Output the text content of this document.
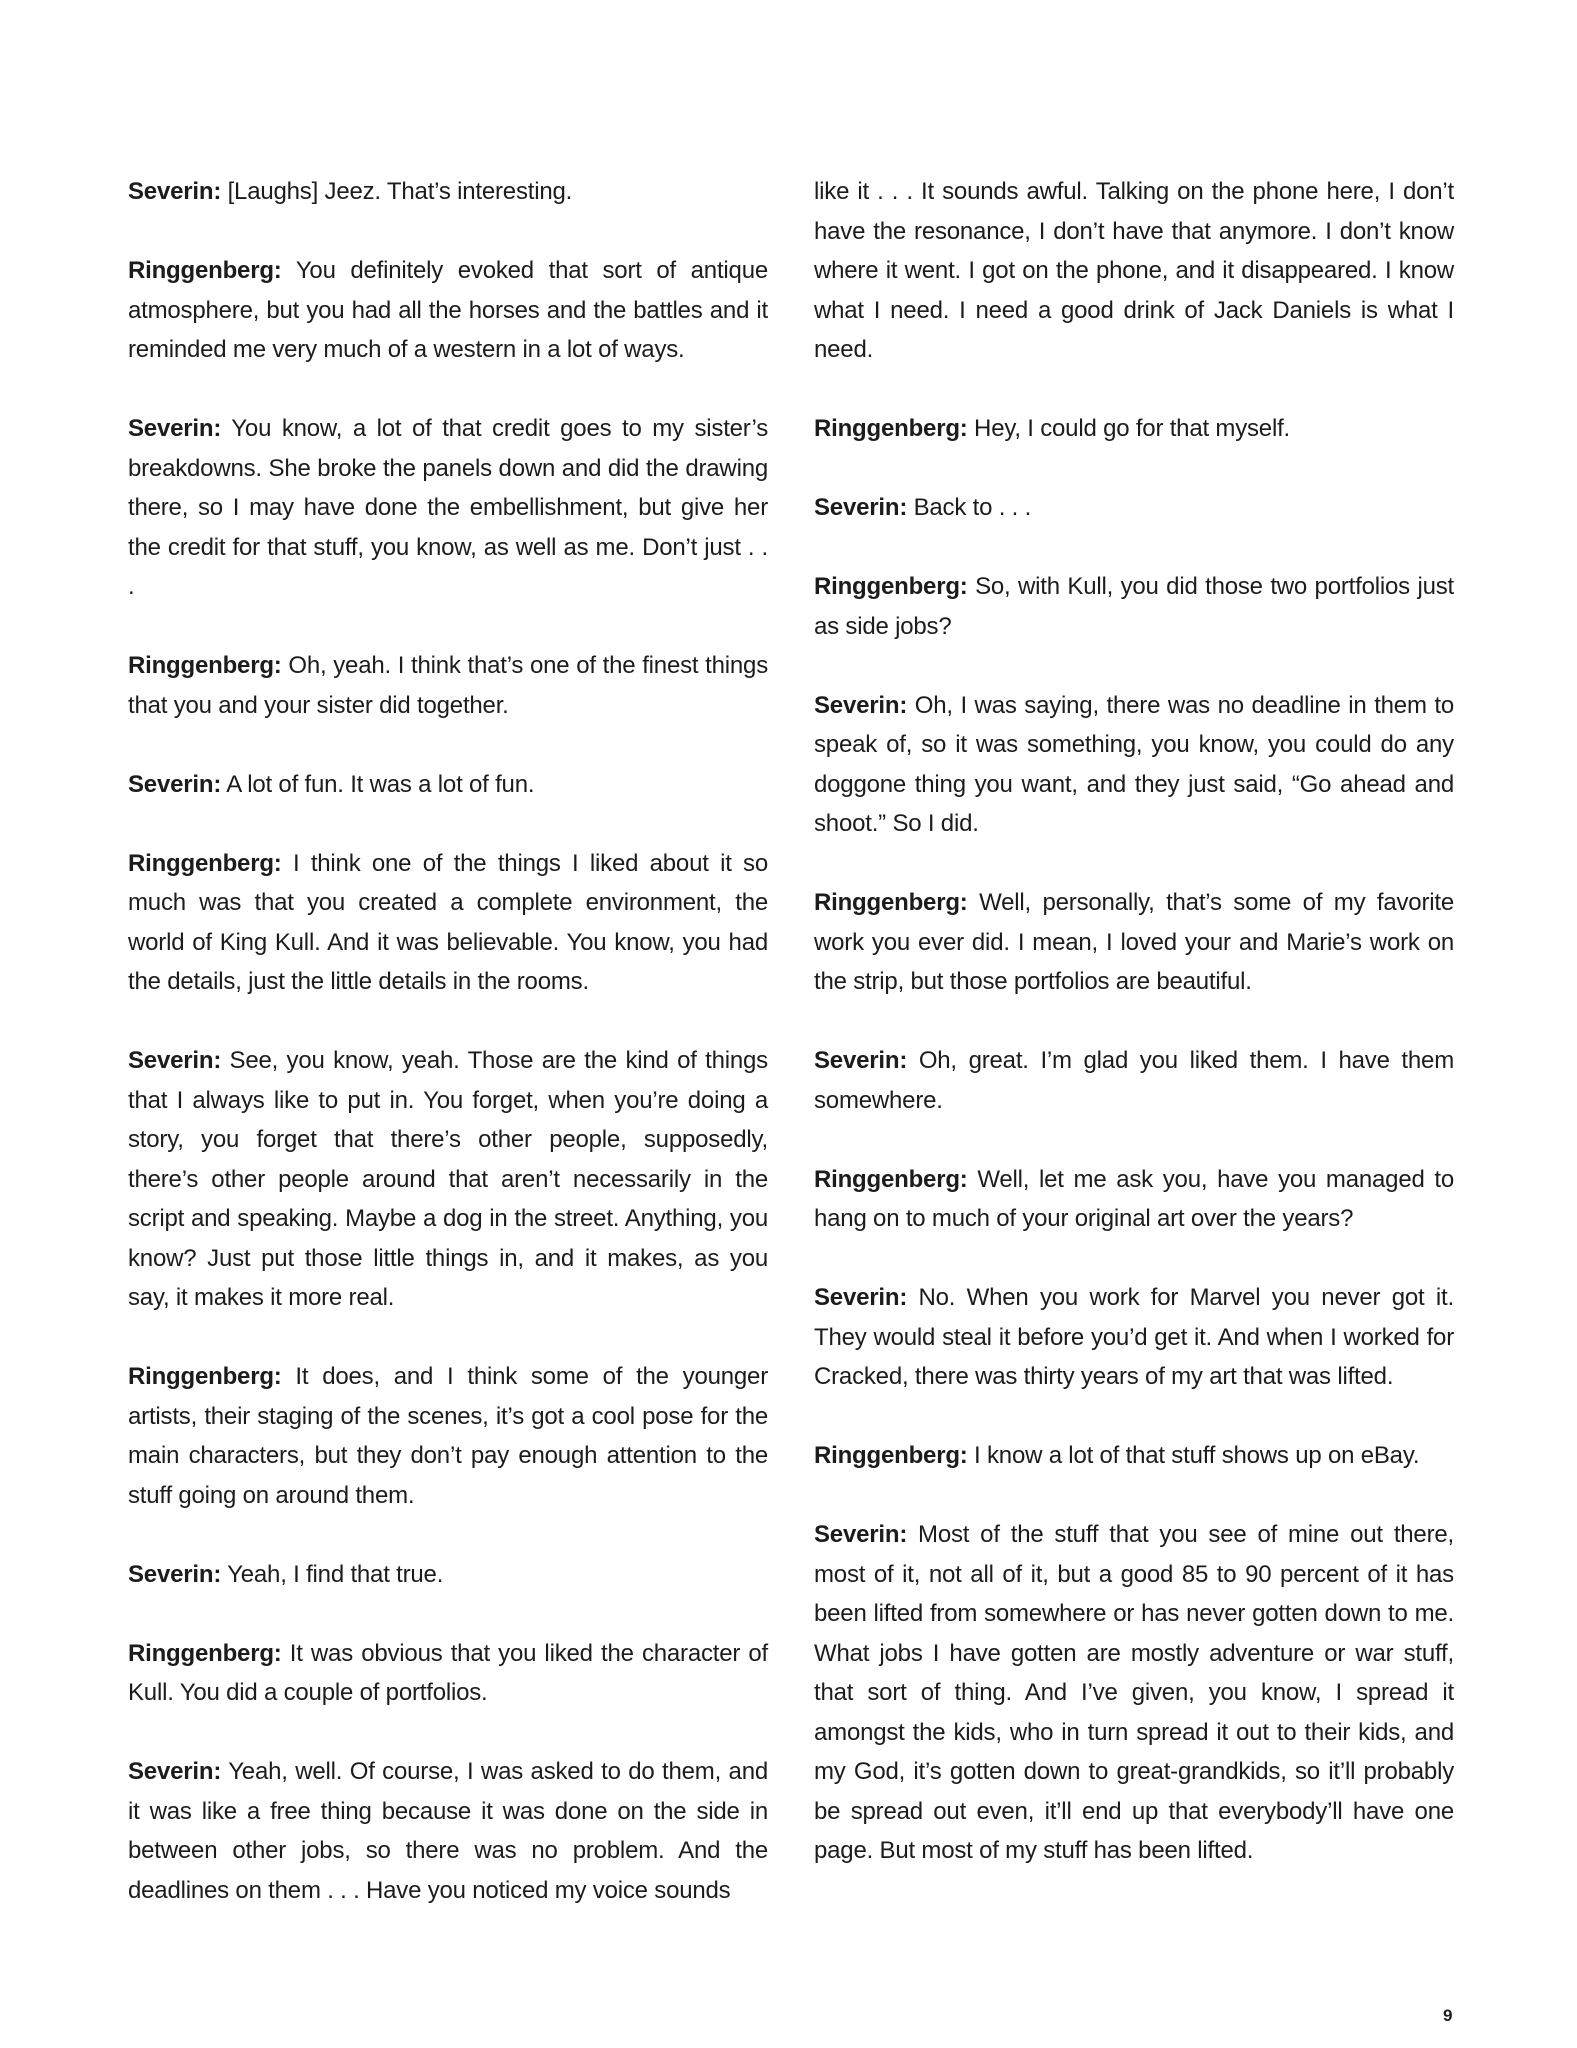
Severin: [Laughs] Jeez. That’s interesting.

Ringgenberg: You definitely evoked that sort of antique atmosphere, but you had all the horses and the battles and it reminded me very much of a western in a lot of ways.

Severin: You know, a lot of that credit goes to my sister’s breakdowns. She broke the panels down and did the drawing there, so I may have done the embellishment, but give her the credit for that stuff, you know, as well as me. Don’t just . . .

Ringgenberg: Oh, yeah. I think that’s one of the finest things that you and your sister did together.

Severin: A lot of fun. It was a lot of fun.

Ringgenberg: I think one of the things I liked about it so much was that you created a complete environment, the world of King Kull. And it was believable. You know, you had the details, just the little details in the rooms.

Severin: See, you know, yeah. Those are the kind of things that I always like to put in. You forget, when you’re doing a story, you forget that there’s other people, supposedly, there’s other people around that aren’t necessarily in the script and speaking. Maybe a dog in the street. Anything, you know? Just put those little things in, and it makes, as you say, it makes it more real.

Ringgenberg: It does, and I think some of the younger artists, their staging of the scenes, it’s got a cool pose for the main characters, but they don’t pay enough attention to the stuff going on around them.

Severin: Yeah, I find that true.

Ringgenberg: It was obvious that you liked the character of Kull. You did a couple of portfolios.

Severin: Yeah, well. Of course, I was asked to do them, and it was like a free thing because it was done on the side in between other jobs, so there was no problem. And the deadlines on them . . . Have you noticed my voice sounds

like it . . . It sounds awful. Talking on the phone here, I don’t have the resonance, I don’t have that anymore. I don’t know where it went. I got on the phone, and it disappeared. I know what I need. I need a good drink of Jack Daniels is what I need.

Ringgenberg: Hey, I could go for that myself.

Severin: Back to . . .

Ringgenberg: So, with Kull, you did those two portfolios just as side jobs?

Severin: Oh, I was saying, there was no deadline in them to speak of, so it was something, you know, you could do any doggone thing you want, and they just said, “Go ahead and shoot.” So I did.

Ringgenberg: Well, personally, that’s some of my favorite work you ever did. I mean, I loved your and Marie’s work on the strip, but those portfolios are beautiful.

Severin: Oh, great. I’m glad you liked them. I have them somewhere.

Ringgenberg: Well, let me ask you, have you managed to hang on to much of your original art over the years?

Severin: No. When you work for Marvel you never got it. They would steal it before you’d get it. And when I worked for Cracked, there was thirty years of my art that was lifted.

Ringgenberg: I know a lot of that stuff shows up on eBay.

Severin: Most of the stuff that you see of mine out there, most of it, not all of it, but a good 85 to 90 percent of it has been lifted from somewhere or has never gotten down to me. What jobs I have gotten are mostly adventure or war stuff, that sort of thing. And I’ve given, you know, I spread it amongst the kids, who in turn spread it out to their kids, and my God, it’s gotten down to great-grandkids, so it’ll probably be spread out even, it’ll end up that everybody’ll have one page. But most of my stuff has been lifted.

9
